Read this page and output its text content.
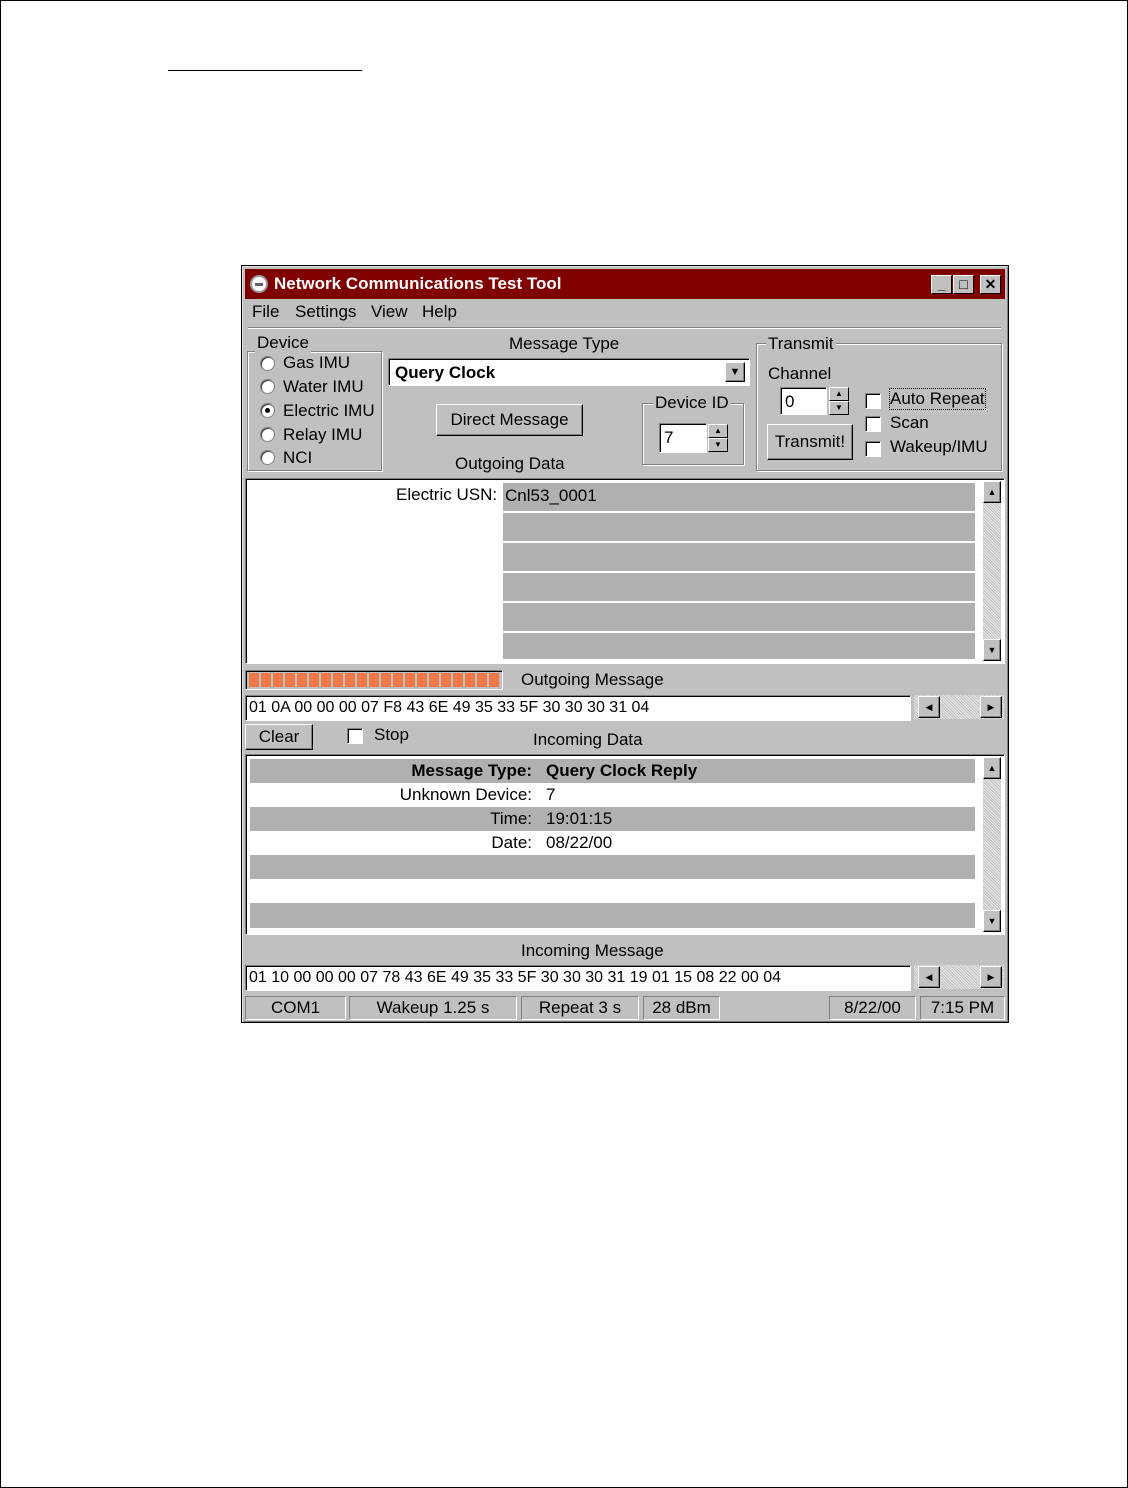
Network Communications Test Tool	_ □	✕
File Settings View Help
Device
Gas IMU
Water IMU
Electric IMU
Relay IMU
NCI
Message Type
Query Clock	▼
Direct Message
Device ID
7	▲
▼
Outgoing Data
Transmit
Channel
0	▲
▼
Transmit!
Auto Repeat
Scan
Wakeup/IMU
Electric USN: Cnl53_0001	▲
▼
Outgoing Message
01 0A 00 00 00 07 F8 43 6E 49 35 33 5F 30 30 30 31 04	◀	▶
Clear	Stop	Incoming Data
Message Type: Query Clock Reply
Unknown Device: 7
Time: 19:01:15
Date: 08/22/00
▲
▼
Incoming Message
01 10 00 00 00 07 78 43 6E 49 35 33 5F 30 30 30 31 19 01 15 08 22 00 04	◀	▶
COM1	Wakeup 1.25 s	Repeat 3 s	28 dBm	8/22/00	7:15 PM
